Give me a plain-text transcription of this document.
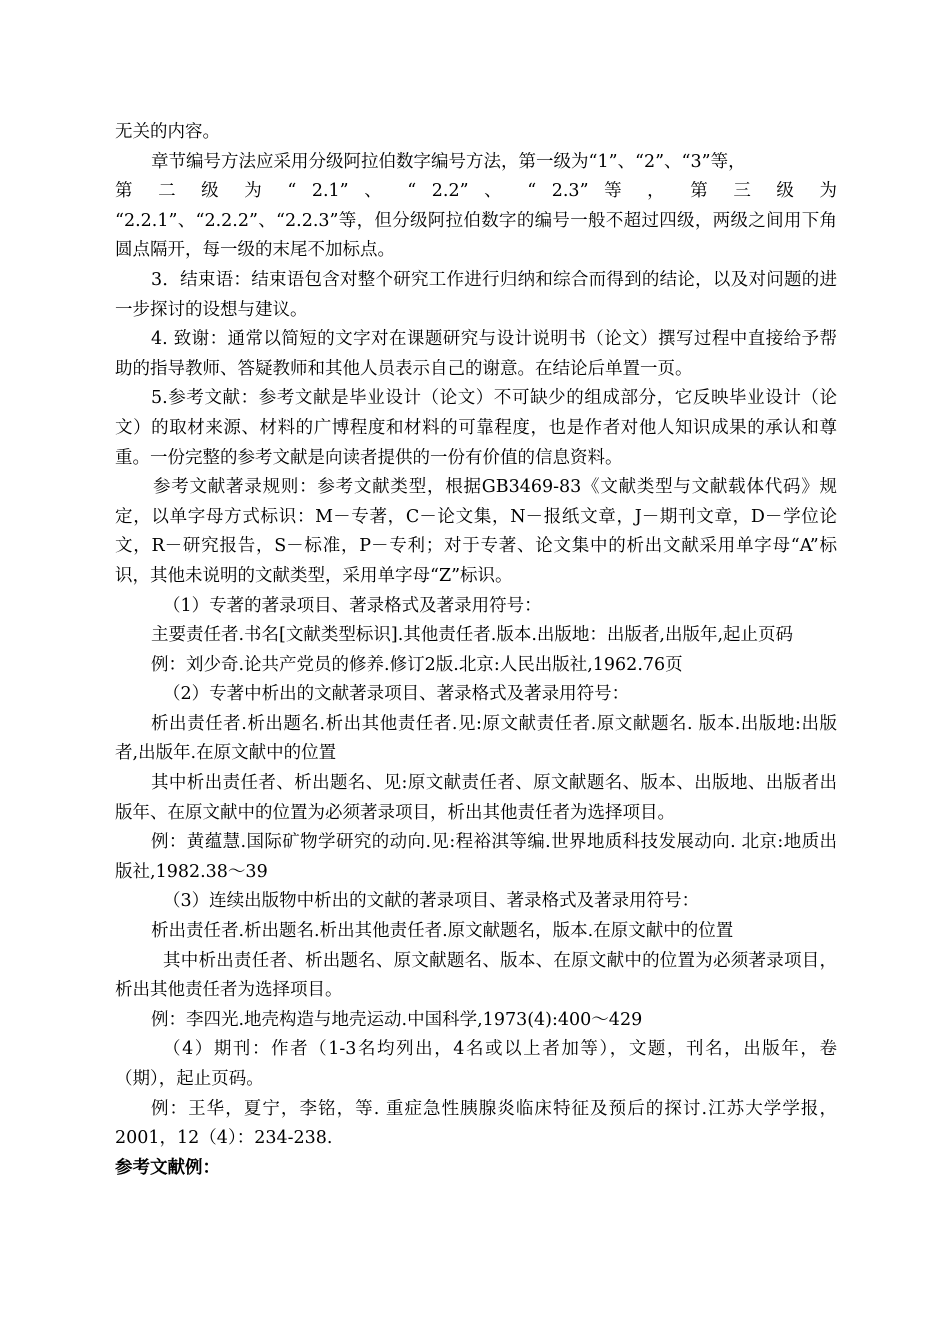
无关的内容。

章节编号方法应采用分级阿拉伯数字编号方法，第一级为“1”、“2”、“3”等，

第 二 级 为 “ 2.1” 、 “ 2.2” 、 “ 2.3” 等 ， 第 三 级 为

“2.2.1”、“2.2.2”、“2.2.3”等，但分级阿拉伯数字的编号一般不超过四级，两级之间用下角圆点隔开，每一级的末尾不加标点。

3．结束语：结束语包含对整个研究工作进行归纳和综合而得到的结论，以及对问题的进一步探讨的设想与建议。

4. 致谢：通常以简短的文字对在课题研究与设计说明书（论文）撰写过程中直接给予帮助的指导教师、答疑教师和其他人员表示自己的谢意。在结论后单置一页。

5.参考文献：参考文献是毕业设计（论文）不可缺少的组成部分，它反映毕业设计（论文）的取材来源、材料的广博程度和材料的可靠程度，也是作者对他人知识成果的承认和尊重。一份完整的参考文献是向读者提供的一份有价值的信息资料。

参考文献著录规则：参考文献类型，根据GB3469-83《文献类型与文献载体代码》规定，以单字母方式标识：M－专著，C－论文集，N－报纸文章，J－期刊文章，D－学位论文，R－研究报告，S－标准，P－专利；对于专著、论文集中的析出文献采用单字母“A”标识，其他未说明的文献类型，采用单字母“Z”标识。

（1）专著的著录项目、著录格式及著录用符号：

主要责任者.书名[文献类型标识].其他责任者.版本.出版地：出版者,出版年,起止页码

例：刘少奇.论共产党员的修养.修订2版.北京:人民出版社,1962.76页

（2）专著中析出的文献著录项目、著录格式及著录用符号：

析出责任者.析出题名.析出其他责任者.见:原文献责任者.原文献题名. 版本.出版地:出版者,出版年.在原文献中的位置

其中析出责任者、析出题名、见:原文献责任者、原文献题名、版本、出版地、出版者出版年、在原文献中的位置为必须著录项目，析出其他责任者为选择项目。

例：黄蕴慧.国际矿物学研究的动向.见:程裕淇等编.世界地质科技发展动向. 北京:地质出版社,1982.38～39

（3）连续出版物中析出的文献的著录项目、著录格式及著录用符号：

析出责任者.析出题名.析出其他责任者.原文献题名，版本.在原文献中的位置

其中析出责任者、析出题名、原文献题名、版本、在原文献中的位置为必须著录项目，析出其他责任者为选择项目。

例：李四光.地壳构造与地壳运动.中国科学,1973(4):400～429

（4）期刊：作者（1-3名均列出，4名或以上者加等），文题，刊名，出版年，卷（期），起止页码。

例：王华，夏宁，李铭，等. 重症急性胰腺炎临床特征及预后的探讨.江苏大学学报，2001，12（4）：234-238.

参考文献例：
